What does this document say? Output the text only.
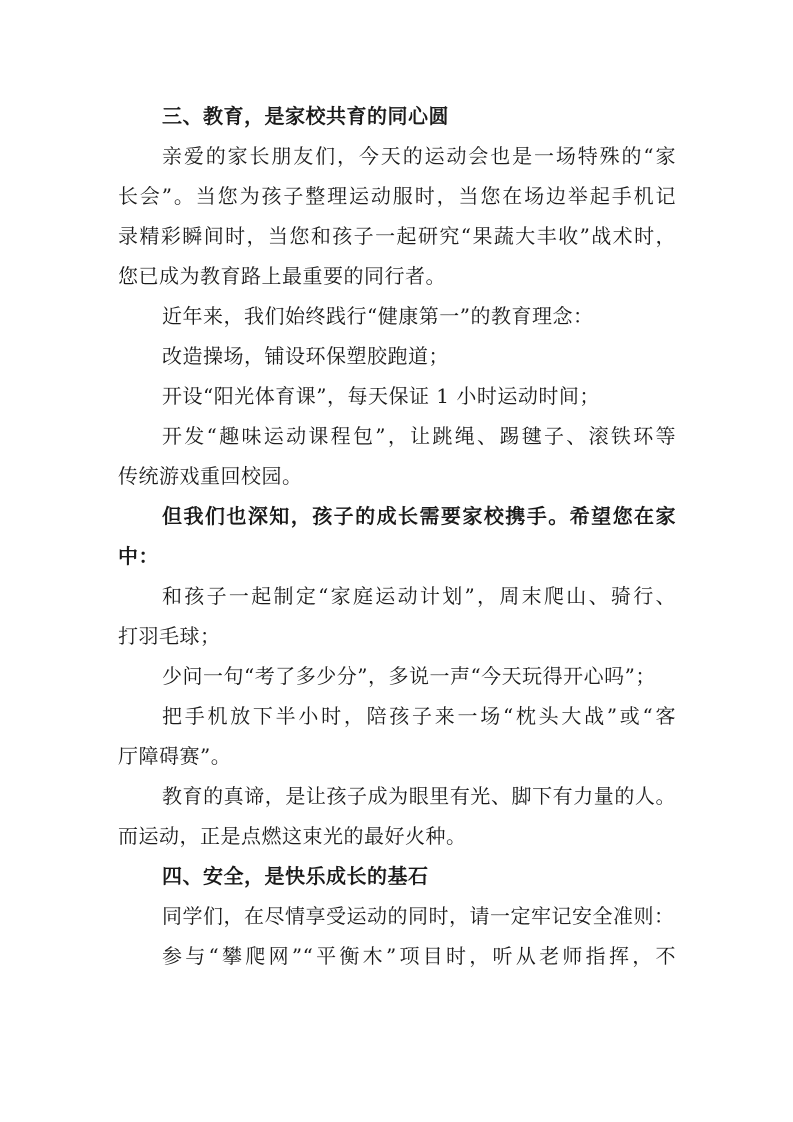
三、教育，是家校共育的同心圆
亲爱的家长朋友们，今天的运动会也是一场特殊的“家
长会”。当您为孩子整理运动服时，当您在场边举起手机记
录精彩瞬间时，当您和孩子一起研究“果蔬大丰收”战术时，
您已成为教育路上最重要的同行者。
近年来，我们始终践行“健康第一”的教育理念：
改造操场，铺设环保塑胶跑道；
开设“阳光体育课”，每天保证 1 小时运动时间；
开发“趣味运动课程包”，让跳绳、踢毽子、滚铁环等
传统游戏重回校园。
但我们也深知，孩子的成长需要家校携手。希望您在家
中：
和孩子一起制定“家庭运动计划”，周末爬山、骑行、
打羽毛球；
少问一句“考了多少分”，多说一声“今天玩得开心吗”；
把手机放下半小时，陪孩子来一场“枕头大战”或“客
厅障碍赛”。
教育的真谛，是让孩子成为眼里有光、脚下有力量的人。
而运动，正是点燃这束光的最好火种。
四、安全，是快乐成长的基石
同学们，在尽情享受运动的同时，请一定牢记安全准则：
参与“攀爬网”“平衡木”项目时，听从老师指挥，不
